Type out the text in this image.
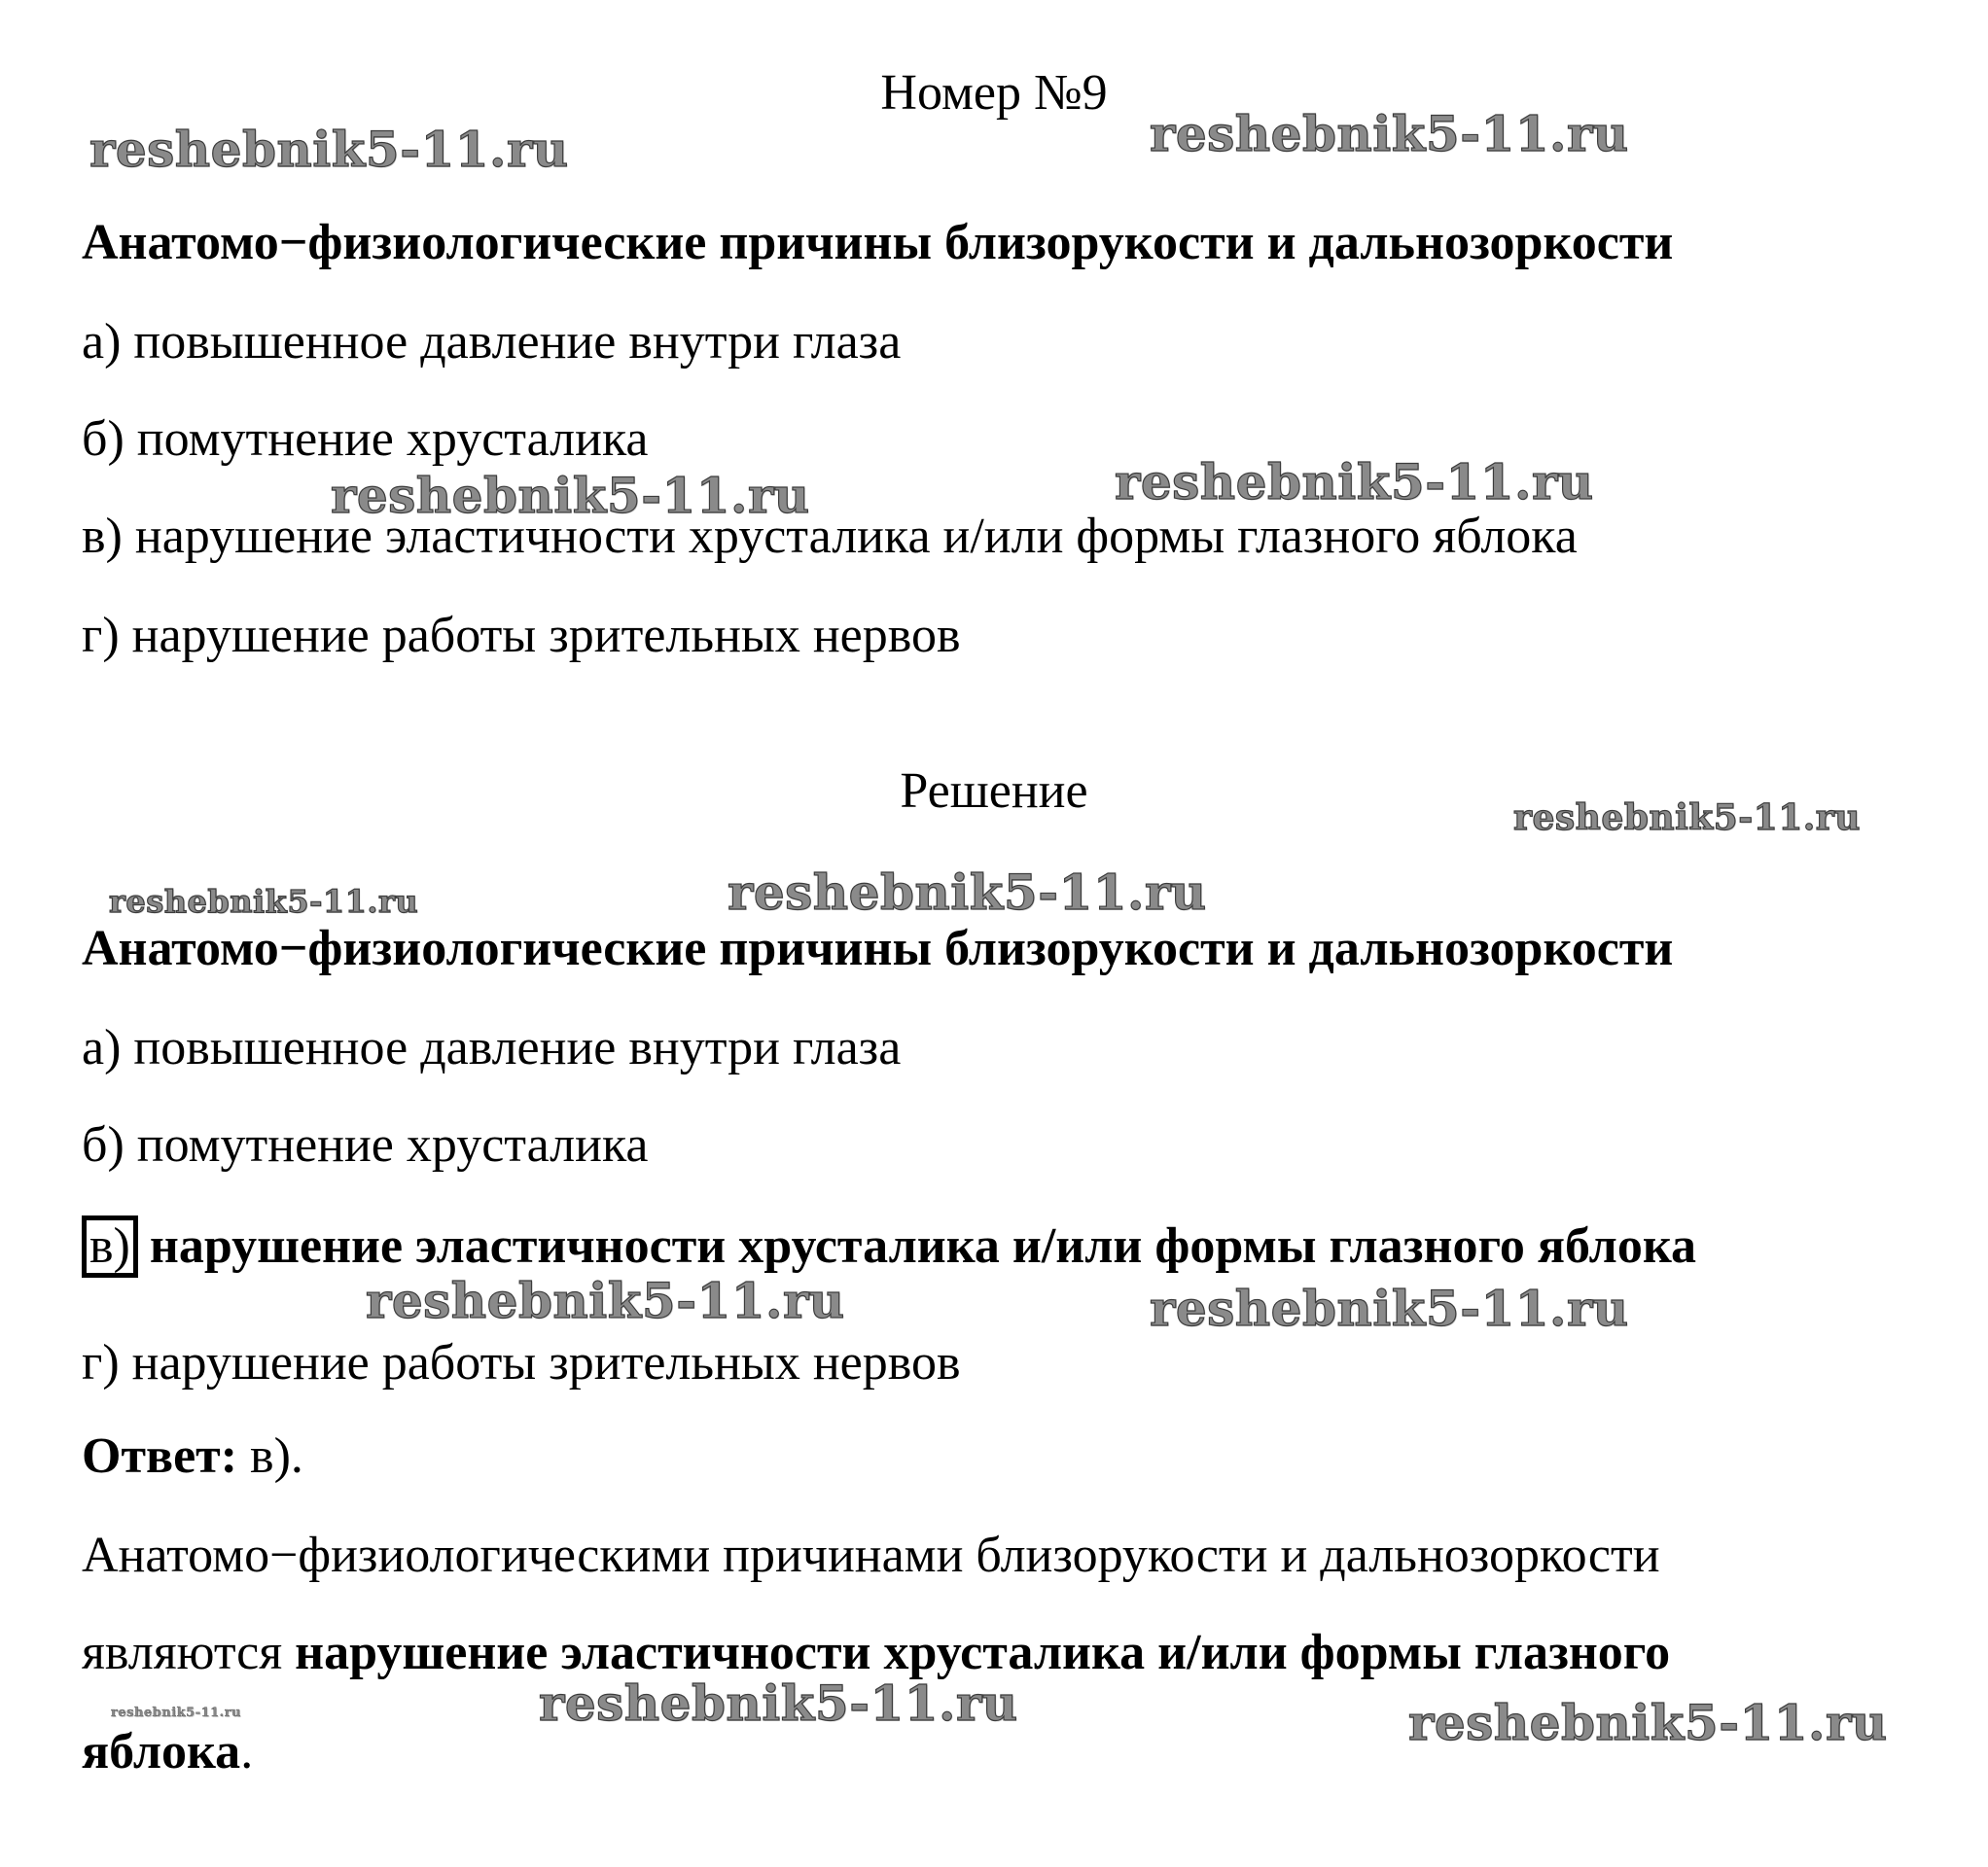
Номер №9
Анатомо−физиологические причины близорукости и дальнозоркости
а) повышенное давление внутри глаза
б) помутнение хрусталика
в) нарушение эластичности хрусталика и/или формы глазного яблока
г) нарушение работы зрительных нервов
Решение
Анатомо−физиологические причины близорукости и дальнозоркости
а) повышенное давление внутри глаза
б) помутнение хрусталика
в) нарушение эластичности хрусталика и/или формы глазного яблока
г) нарушение работы зрительных нервов
Ответ: в).
Анатомо−физиологическими причинами близорукости и дальнозоркости
являются нарушение эластичности хрусталика и/или формы глазного
яблока.
reshebnik5-11.ru	reshebnik5-11.ru
reshebnik5-11.ru	reshebnik5-11.ru
reshebnik5-11.ru
reshebnik5-11.ru	reshebnik5-11.ru
reshebnik5-11.ru	reshebnik5-11.ru
reshebnik5-11.ru	reshebnik5-11.ru	reshebnik5-11.ru
